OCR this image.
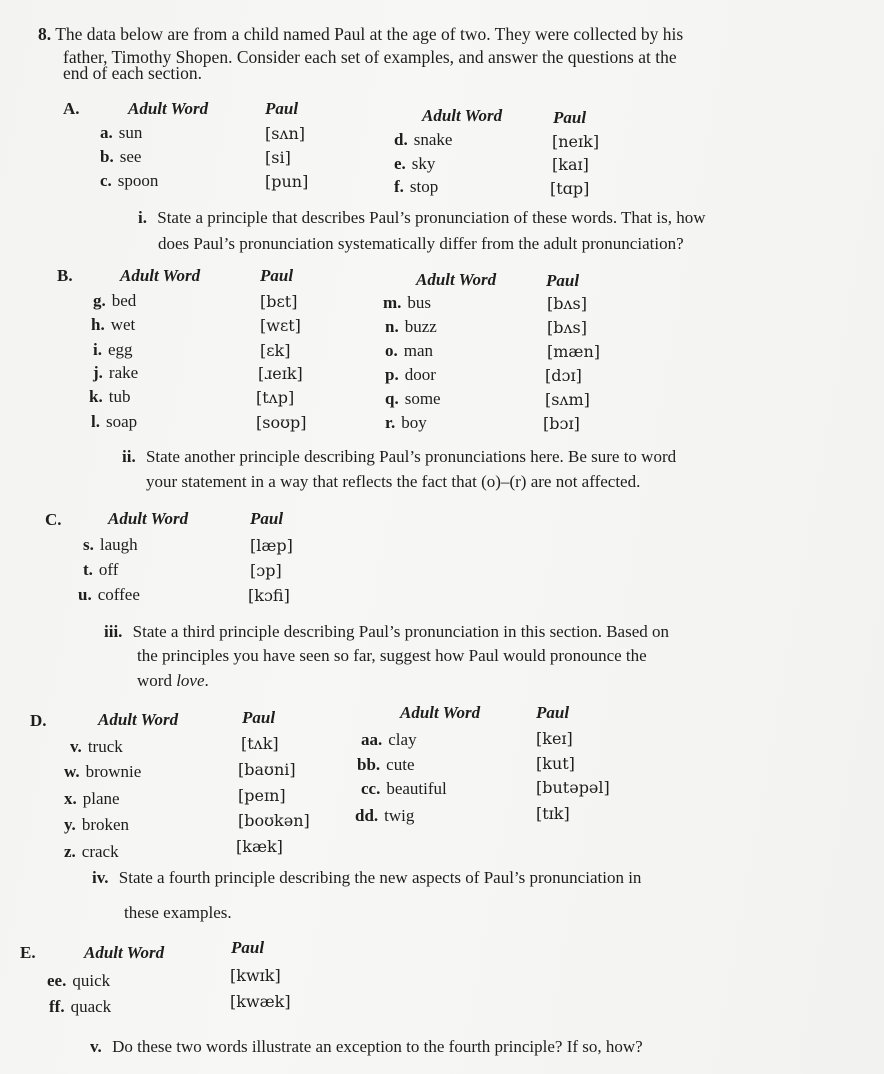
8. The data below are from a child named Paul at the age of two. They were collected by his
father, Timothy Shopen. Consider each set of examples, and answer the questions at the
end of each section.
A.	Adult Word	Paul	Adult Word	Paul
a. sun	[sʌn]
b. see	[si]
c. spoon	[pun]
d. snake	[neɪk]
e. sky	[kaɪ]
f. stop	[tɑp]
i. State a principle that describes Paul’s pronunciation of these words. That is, how
does Paul’s pronunciation systematically differ from the adult pronunciation?
B.	Adult Word	Paul	Adult Word	Paul
g. bed	[bɛt]
h. wet	[wɛt]
i. egg	[ɛk]
j. rake	[ɹeɪk]
k. tub	[tʌp]
l. soap	[soʊp]
m. bus	[bʌs]
n. buzz	[bʌs]
o. man	[mæn]
p. door	[dɔɪ]
q. some	[sʌm]
r. boy	[bɔɪ]
ii. State another principle describing Paul’s pronunciations here. Be sure to word
your statement in a way that reflects the fact that (o)–(r) are not affected.
C.	Adult Word	Paul
s. laugh	[læp]
t. off	[ɔp]
u. coffee	[kɔfi]
iii. State a third principle describing Paul’s pronunciation in this section. Based on
the principles you have seen so far, suggest how Paul would pronounce the
word love.
D.	Adult Word	Paul	Adult Word	Paul
v. truck	[tʌk]
w. brownie	[baʊni]
x. plane	[peɪn]
y. broken	[boʊkən]
z. crack	[kæk]
aa. clay	[keɪ]
bb. cute	[kut]
cc. beautiful	[butəpəl]
dd. twig	[tɪk]
iv. State a fourth principle describing the new aspects of Paul’s pronunciation in
these examples.
E.	Adult Word	Paul
ee. quick	[kwɪk]
ff. quack	[kwæk]
v. Do these two words illustrate an exception to the fourth principle? If so, how?
